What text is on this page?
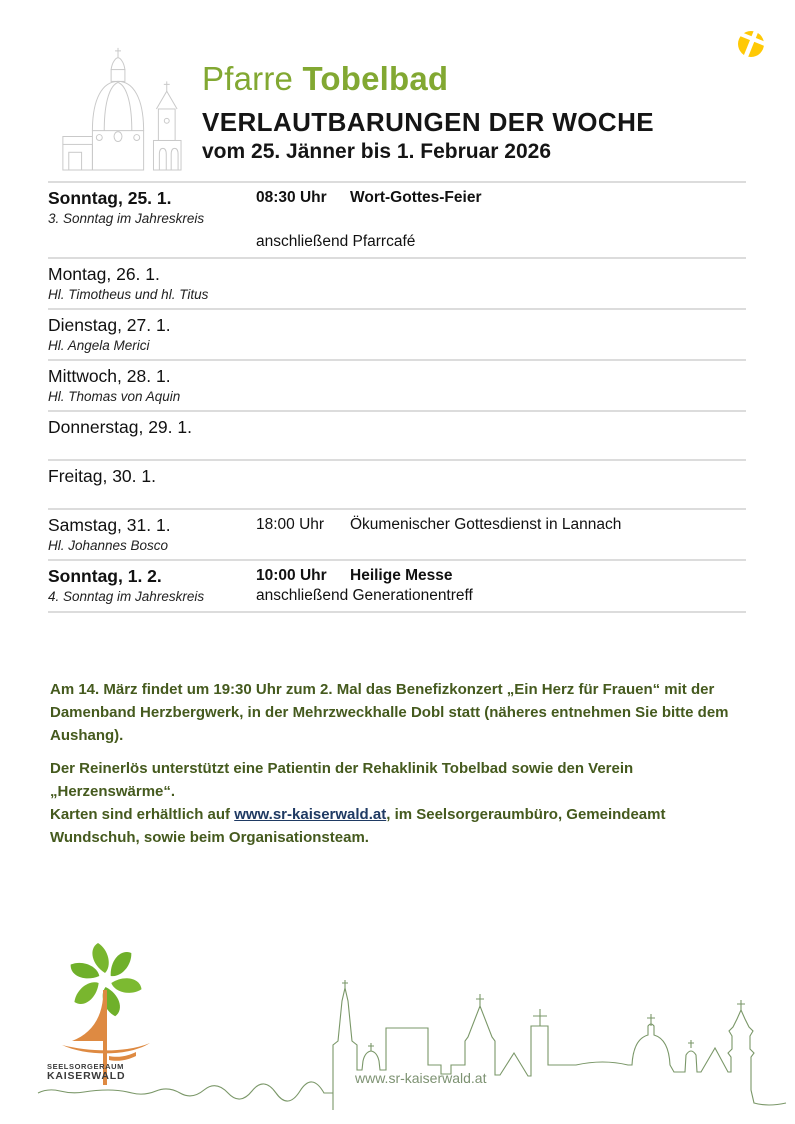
Pfarre Tobelbad
VERLAUTBARUNGEN DER WOCHE
vom 25. Jänner bis 1. Februar 2026
Sonntag, 25. 1.
3. Sonntag im Jahreskreis
08:30 Uhr Wort-Gottes-Feier
anschließend Pfarrcafé
Montag, 26. 1.
Hl. Timotheus und hl. Titus
Dienstag, 27. 1.
Hl. Angela Merici
Mittwoch, 28. 1.
Hl. Thomas von Aquin
Donnerstag, 29. 1.
Freitag, 30. 1.
Samstag, 31. 1.
Hl. Johannes Bosco
18:00 Uhr Ökumenischer Gottesdienst in Lannach
Sonntag, 1. 2.
4. Sonntag im Jahreskreis
10:00 Uhr Heilige Messe
anschließend Generationentreff

Am 14. März findet um 19:30 Uhr zum 2. Mal das Benefizkonzert „Ein Herz für Frauen“ mit der Damenband Herzbergwerk, in der Mehrzweckhalle Dobl statt (näheres entnehmen Sie bitte dem Aushang).

Der Reinerlös unterstützt eine Patientin der Rehaklinik Tobelbad sowie den Verein „Herzenswärme“.
Karten sind erhältlich auf www.sr-kaiserwald.at, im Seelsorgeraumbüro, Gemeindeamt Wundschuh, sowie beim Organisationsteam.

SEELSORGERAUM
KAISERWALD	www.sr-kaiserwald.at
